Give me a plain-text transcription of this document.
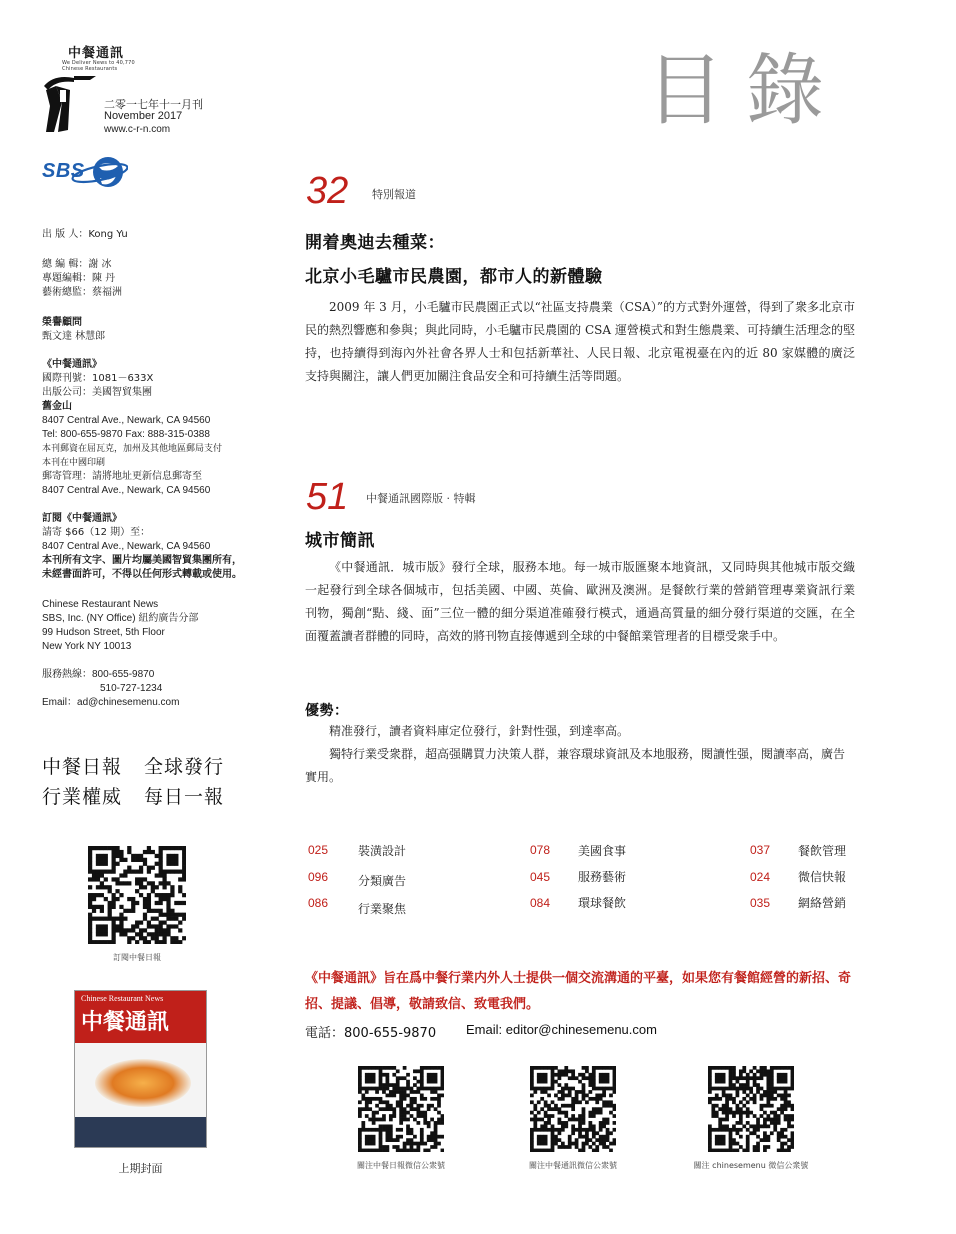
中餐通訊
We Deliver News to 40,770
Chinese Restaurants
二零一七年十一月刊
November 2017
www.c-r-n.com
SBS
出 版 人：Kong Yu
總 編 輯：謝 冰
專題編輯：陳 丹
藝術總監：蔡福洲
榮譽顧問
甄文達 林慧郎
《中餐通訊》
國際刊號：1081－633X
出版公司：美國智貿集團
舊金山
8407 Central Ave., Newark, CA 94560
Tel: 800-655-9870 Fax: 888-315-0388
本刊郵資在屈瓦克，加州及其他地區郵局支付
本刊在中國印刷
郵寄管理：請將地址更新信息郵寄至
8407 Central Ave., Newark, CA 94560
訂閱《中餐通訊》
請寄 $66（12 期）至：
8407 Central Ave., Newark, CA 94560
本刊所有文字、圖片均屬美國智貿集團所有，
未經書面許可，不得以任何形式轉載或使用。
Chinese Restaurant News
SBS, Inc. (NY Office) 紐約廣告分部
99 Hudson Street, 5th Floor
New York NY 10013
服務熱線：800-655-9870
510-727-1234
Email：ad@chinesemenu.com
中餐日報 全球發行
行業權威 每日一報
訂閱中餐日報
Chinese Restaurant News
中餐通訊
上期封面
目錄
32 特別報道
開着奧迪去種菜：
北京小毛驢市民農園，都市人的新體驗
2009 年 3 月，小毛驢市民農園正式以“社區支持農業（CSA）”的方式對外運營，得到了衆多北京市民的熱烈響應和參與；與此同時，小毛驢市民農園的 CSA 運營模式和對生態農業、可持續生活理念的堅持，也持續得到海內外社會各界人士和包括新華社、人民日報、北京電視臺在內的近 80 家媒體的廣泛支持與關注，讓人們更加關注食品安全和可持續生活等問題。
51 中餐通訊國際版 · 特輯
城市簡訊
《中餐通訊．城市版》發行全球，服務本地。每一城市版匯聚本地資訊，又同時與其他城市版交織一起發行到全球各個城市，包括美國、中國、英倫、歐洲及澳洲。是餐飲行業的營銷管理專業資訊行業刊物，獨創“點、綫、面”三位一體的細分渠道准確發行模式，通過高質量的細分發行渠道的交匯，在全面覆蓋讀者群體的同時，高效的將刊物直接傳遞到全球的中餐館業管理者的目標受衆手中。
優勢：
精准發行，讀者資料庫定位發行，針對性强，到達率高。
獨特行業受衆群，超高强購買力決策人群，兼容環球資訊及本地服務，閱讀性强，閱讀率高，廣告實用。
025 裝潢設計
096 分類廣告
086 行業聚焦
078 美國食事
045 服務藝術
084 環球餐飲
037 餐飲管理
024 微信快報
035 網絡營銷
《中餐通訊》旨在爲中餐行業内外人士提供一個交流溝通的平臺，如果您有餐館經營的新招、奇招、提議、倡導，敬請致信、致電我們。
電話：800-655-9870 Email: editor@chinesemenu.com
關注中餐日報微信公衆號	關注中餐通訊微信公衆號	關注 chinesemenu 微信公衆號
